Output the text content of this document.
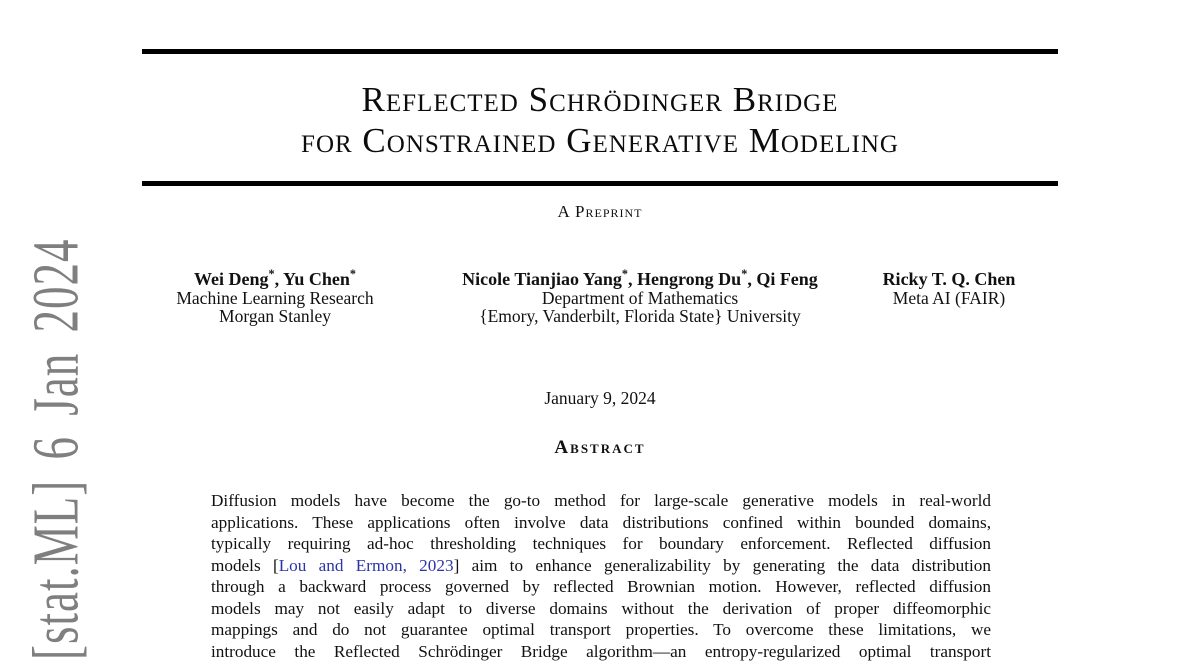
[stat.ML] 6 Jan 2024
Reflected Schrödinger Bridge
for Constrained Generative Modeling
A Preprint
Wei Deng*, Yu Chen*
Machine Learning Research
Morgan Stanley
Nicole Tianjiao Yang*, Hengrong Du*, Qi Feng
Department of Mathematics
{Emory, Vanderbilt, Florida State} University
Ricky T. Q. Chen
Meta AI (FAIR)
January 9, 2024
Abstract
Diffusion models have become the go-to method for large-scale generative models in real-world
applications. These applications often involve data distributions confined within bounded domains,
typically requiring ad-hoc thresholding techniques for boundary enforcement. Reflected diffusion
models [Lou and Ermon, 2023] aim to enhance generalizability by generating the data distribution
through a backward process governed by reflected Brownian motion. However, reflected diffusion
models may not easily adapt to diverse domains without the derivation of proper diffeomorphic
mappings and do not guarantee optimal transport properties. To overcome these limitations, we
introduce the Reflected Schrödinger Bridge algorithm—an entropy-regularized optimal transport
